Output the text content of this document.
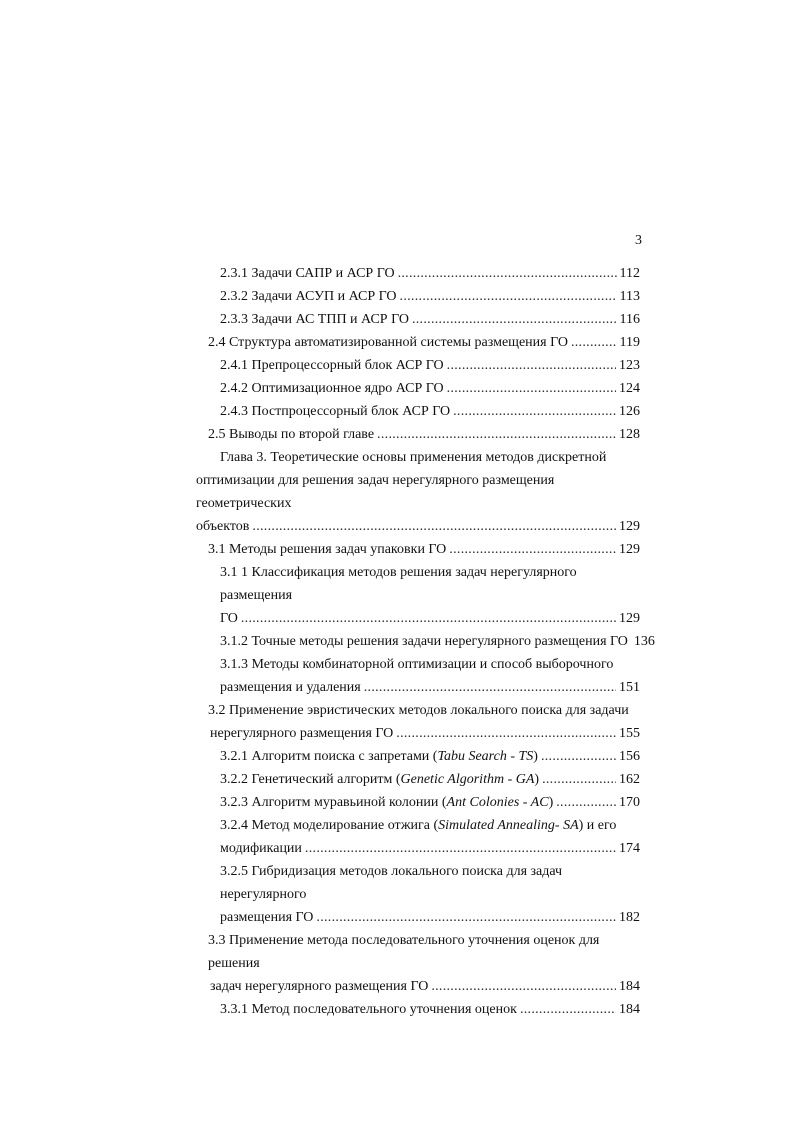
3
2.3.1 Задачи САПР и АСР ГО .....	112
2.3.2 Задачи АСУП и АСР ГО .....	113
2.3.3 Задачи АС ТПП и АСР ГО .....	116
2.4 Структура автоматизированной системы размещения ГО .....	119
2.4.1 Препроцессорный блок АСР ГО .....	123
2.4.2 Оптимизационное ядро АСР ГО .....	124
2.4.3 Постпроцессорный блок АСР ГО .....	126
2.5 Выводы по второй главе .....	128
Глава 3. Теоретические основы применения методов дискретной
оптимизации для решения задач нерегулярного размещения геометрических
объектов .....	129
3.1 Методы решения задач упаковки ГО .....	129
3.1 1 Классификация методов решения задач нерегулярного размещения
ГО .....	129
3.1.2 Точные методы решения задачи нерегулярного размещения ГО 136
3.1.3 Методы комбинаторной оптимизации и способ выборочного
размещения и удаления .....	151
3.2 Применение эвристических методов локального поиска для задачи
нерегулярного размещения ГО .....	155
3.2.1 Алгоритм поиска с запретами (Tabu Search - TS) .....	156
3.2.2 Генетический алгоритм (Genetic Algorithm - GA) .....	162
3.2.3 Алгоритм муравьиной колонии (Ant Colonies - AC) .....	170
3.2.4 Метод моделирование отжига (Simulated Annealing- SA) и его
модификации .....	174
3.2.5 Гибридизация методов локального поиска для задач нерегулярного
размещения ГО .....	182
3.3 Применение метода последовательного уточнения оценок для решения
задач нерегулярного размещения ГО .....	184
3.3.1 Метод последовательного уточнения оценок .....	184
